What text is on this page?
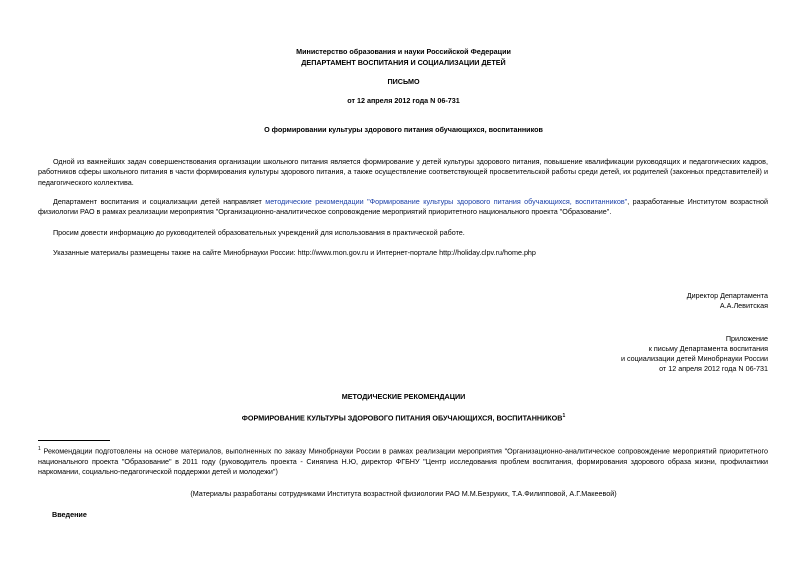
Министерство образования и науки Российской Федерации
ДЕПАРТАМЕНТ ВОСПИТАНИЯ И СОЦИАЛИЗАЦИИ ДЕТЕЙ
ПИСЬМО
от 12 апреля 2012 года N 06-731
О формировании культуры здорового питания обучающихся, воспитанников

Одной из важнейших задач совершенствования организации школьного питания является формирование у детей культуры здорового питания, повышение квалификации руководящих и педагогических кадров, работников сферы школьного питания в части формирования культуры здорового питания, а также осуществление соответствующей просветительской работы среди детей, их родителей (законных представителей) и педагогического коллектива.

Департамент воспитания и социализации детей направляет методические рекомендации "Формирование культуры здорового питания обучающихся, воспитанников", разработанные Институтом возрастной физиологии РАО в рамках реализации мероприятия "Организационно-аналитическое сопровождение мероприятий приоритетного национального проекта "Образование".

Просим довести информацию до руководителей образовательных учреждений для использования в практической работе.

Указанные материалы размещены также на сайте Минобрнауки России: http://www.mon.gov.ru и Интернет-портале http://holiday.clpv.ru/home.php

Директор Департамента
А.А.Левитская
Приложение
к письму Департамента воспитания
и социализации детей Минобрнауки России
от 12 апреля 2012 года N 06-731
МЕТОДИЧЕСКИЕ РЕКОМЕНДАЦИИ
ФОРМИРОВАНИЕ КУЛЬТУРЫ ЗДОРОВОГО ПИТАНИЯ ОБУЧАЮЩИХСЯ, ВОСПИТАННИКОВ$^1$

$^1$ Рекомендации подготовлены на основе материалов, выполненных по заказу Минобрнауки России в рамках реализации мероприятия "Организационно-аналитическое сопровождение мероприятий приоритетного национального проекта "Образование" в 2011 году (руководитель проекта - Синягина Н.Ю, директор ФГБНУ "Центр исследования проблем воспитания, формирования здорового образа жизни, профилактики наркомании, социально-педагогической поддержки детей и молодежи")

(Материалы разработаны сотрудниками Института возрастной физиологии РАО М.М.Безруких, Т.А.Филипповой, А.Г.Макеевой)
Введение
